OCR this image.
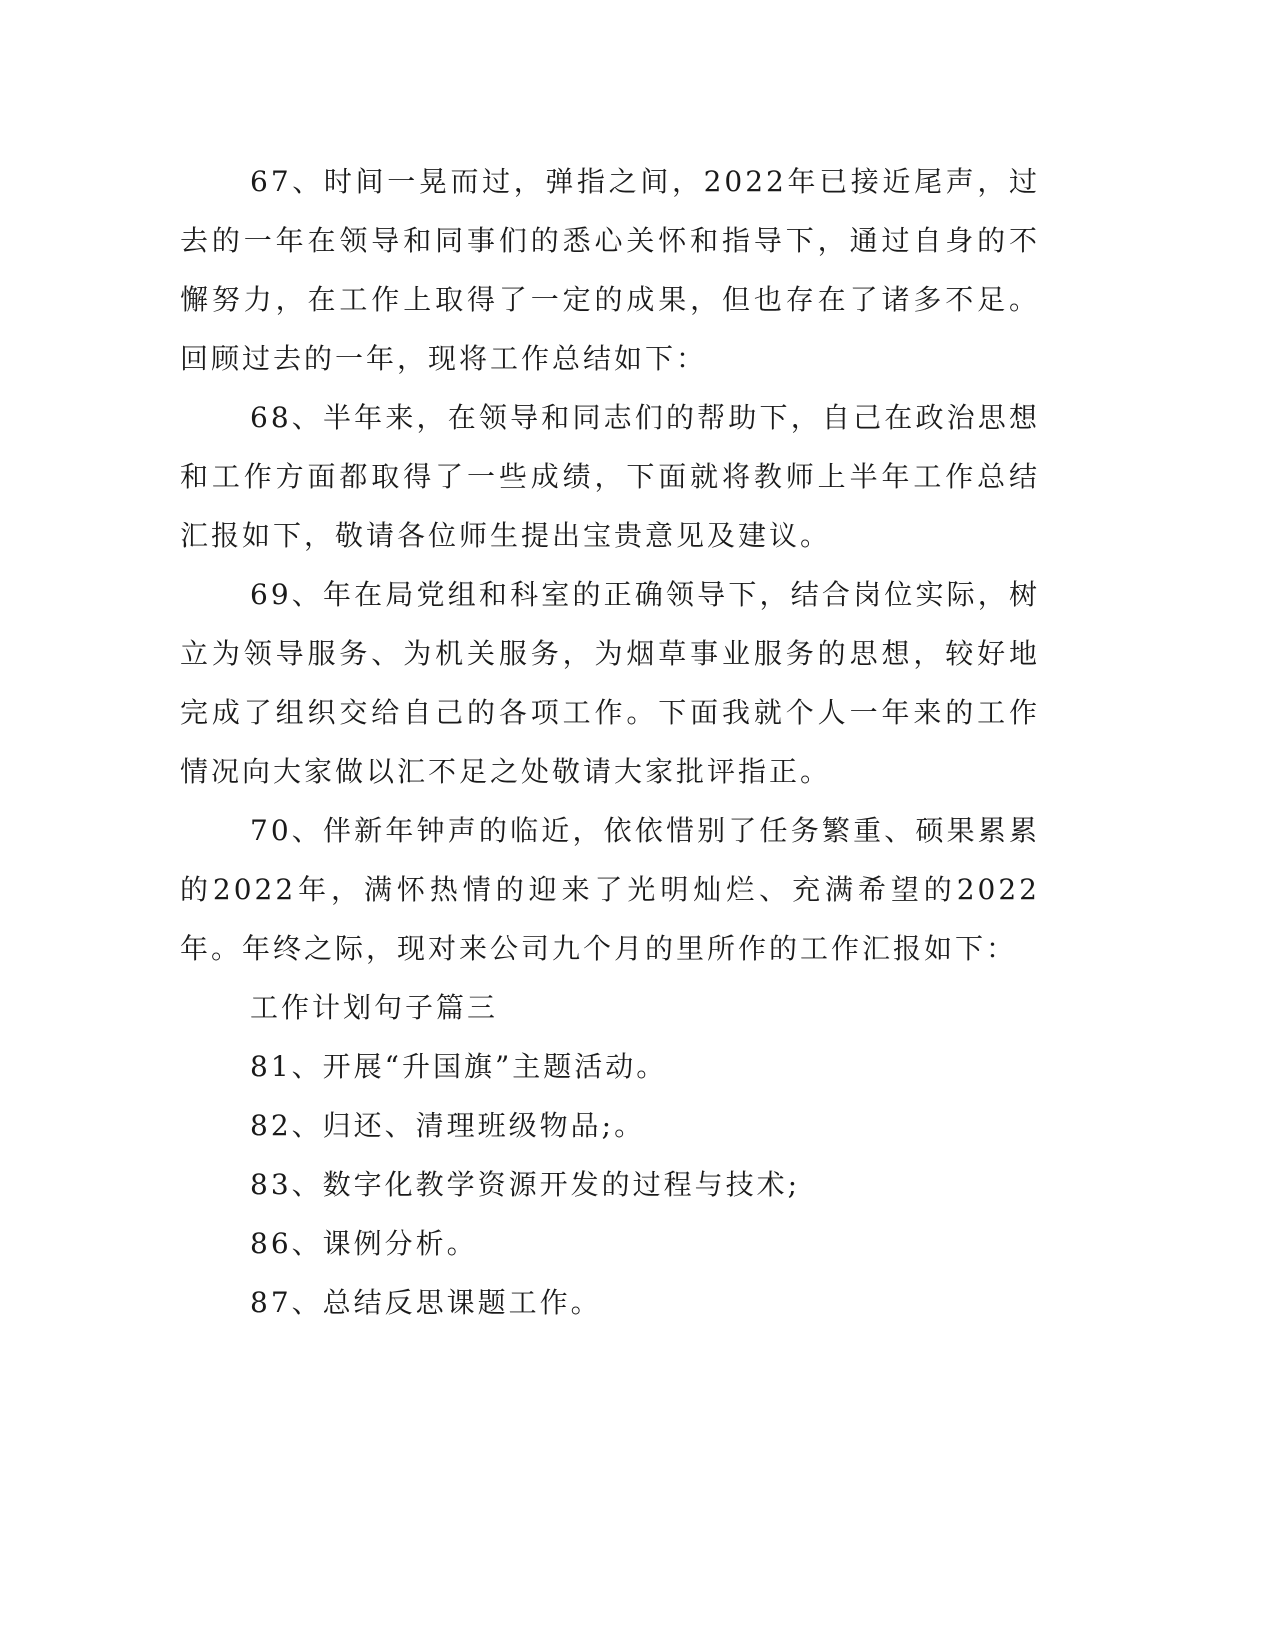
67、时间一晃而过，弹指之间，2022年已接近尾声，过去的一年在领导和同事们的悉心关怀和指导下，通过自身的不懈努力，在工作上取得了一定的成果，但也存在了诸多不足。回顾过去的一年，现将工作总结如下：

68、半年来，在领导和同志们的帮助下，自己在政治思想和工作方面都取得了一些成绩，下面就将教师上半年工作总结汇报如下，敬请各位师生提出宝贵意见及建议。

69、年在局党组和科室的正确领导下，结合岗位实际，树立为领导服务、为机关服务，为烟草事业服务的思想，较好地完成了组织交给自己的各项工作。下面我就个人一年来的工作情况向大家做以汇不足之处敬请大家批评指正。

70、伴新年钟声的临近，依依惜别了任务繁重、硕果累累的2022年，满怀热情的迎来了光明灿烂、充满希望的2022年。年终之际，现对来公司九个月的里所作的工作汇报如下：

工作计划句子篇三

81、开展“升国旗”主题活动。

82、归还、清理班级物品;。

83、数字化教学资源开发的过程与技术;

86、课例分析。

87、总结反思课题工作。
